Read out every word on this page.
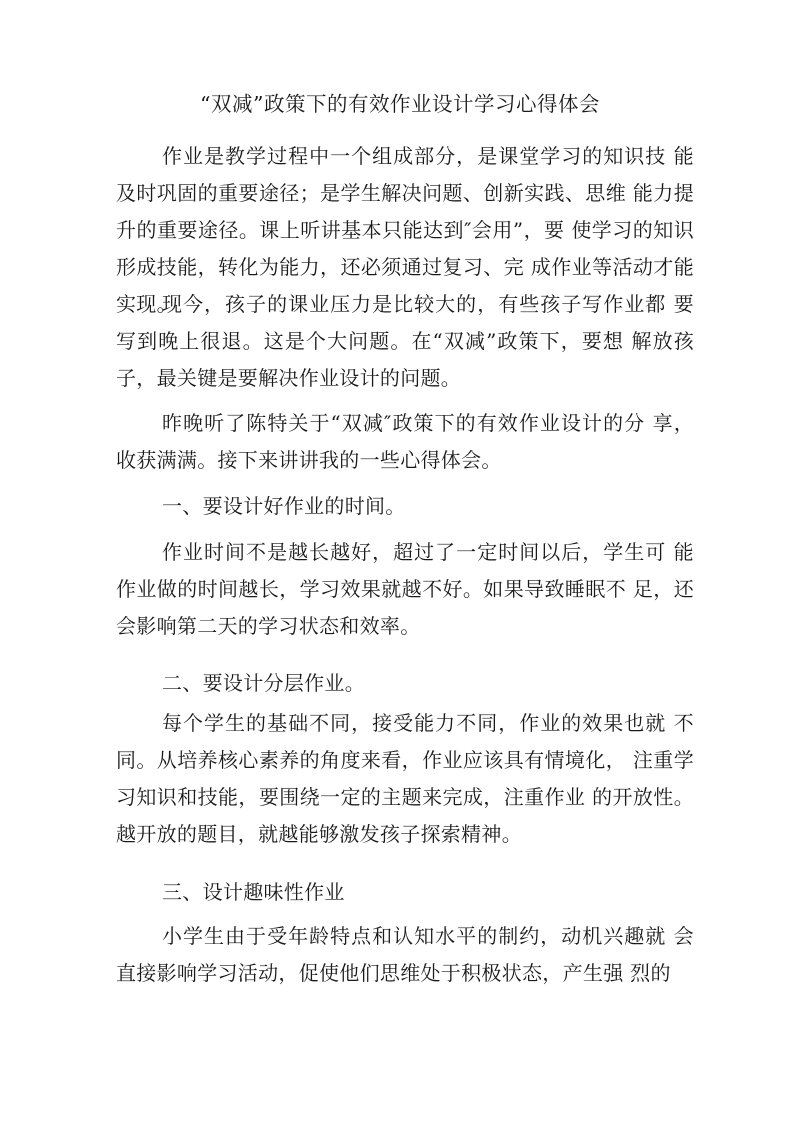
“双减”政策下的有效作业设计学习心得体会

作业是教学过程中一个组成部分，是课堂学习的知识技 能及时巩固的重要途径；是学生解决问题、创新实践、思维 能力提升的重要途径。课上听讲基本只能达到″会用”，要 使学习的知识形成技能，转化为能力，还必须通过复习、完 成作业等活动才能实现。

现今，孩子的课业压力是比较大的，有些孩子写作业都 要写到晚上很退。这是个大问题。在“双减”政策下，要想 解放孩子，最关键是要解决作业设计的问题。

昨晚听了陈特关于“双减″政策下的有效作业设计的分 享，收获满满。接下来讲讲我的一些心得体会。

一、要设计好作业的时间。

作业时间不是越长越好，超过了一定时间以后，学生可 能作业做的时间越长，学习效果就越不好。如果导致睡眠不 足，还会影响第二天的学习状态和效率。

二、要设计分层作业。

每个学生的基础不同，接受能力不同，作业的效果也就 不同。从培养核心素养的角度来看，作业应该具有情境化， 注重学习知识和技能，要围绕一定的主题来完成，注重作业 的开放性。越开放的题目，就越能够激发孩子探索精神。

三、设计趣味性作业

小学生由于受年龄特点和认知水平的制约，动机兴趣就 会直接影响学习活动，促使他们思维处于积极状态，产生强 烈的
